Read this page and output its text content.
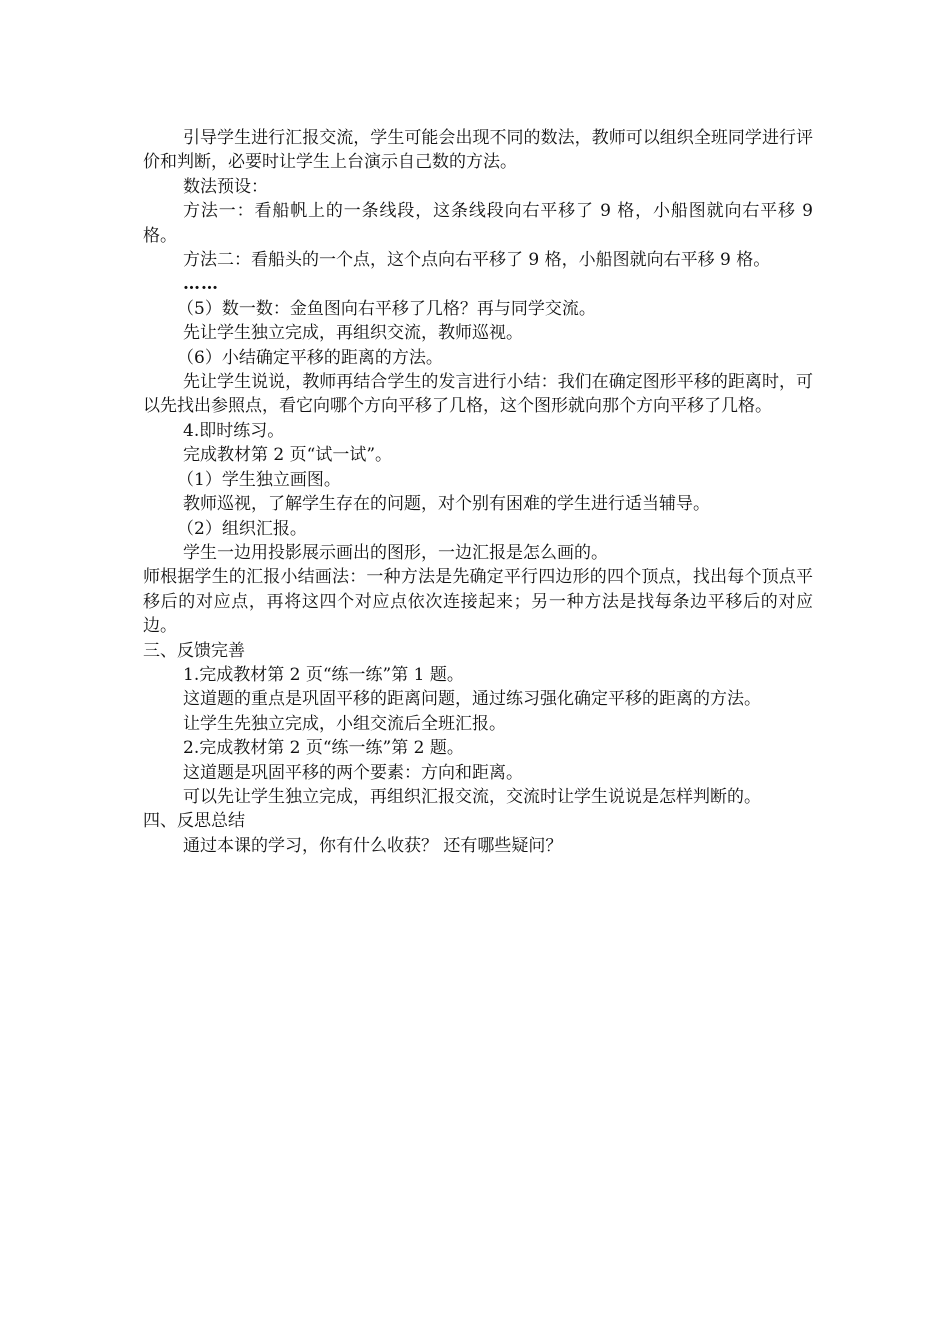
引导学生进行汇报交流，学生可能会出现不同的数法，教师可以组织全班同学进行评价和判断，必要时让学生上台演示自己数的方法。

数法预设：

方法一：看船帆上的一条线段，这条线段向右平移了 9 格，小船图就向右平移 9 格。

方法二：看船头的一个点，这个点向右平移了 9 格，小船图就向右平移 9 格。

……

（5）数一数：金鱼图向右平移了几格？再与同学交流。

先让学生独立完成，再组织交流，教师巡视。

（6）小结确定平移的距离的方法。

先让学生说说，教师再结合学生的发言进行小结：我们在确定图形平移的距离时，可以先找出参照点，看它向哪个方向平移了几格，这个图形就向那个方向平移了几格。

4.即时练习。

完成教材第 2 页“试一试”。

（1）学生独立画图。

教师巡视，了解学生存在的问题，对个别有困难的学生进行适当辅导。

（2）组织汇报。

学生一边用投影展示画出的图形，一边汇报是怎么画的。

师根据学生的汇报小结画法：一种方法是先确定平行四边形的四个顶点，找出每个顶点平移后的对应点，再将这四个对应点依次连接起来；另一种方法是找每条边平移后的对应边。

三、反馈完善

1.完成教材第 2 页“练一练”第 1 题。

这道题的重点是巩固平移的距离问题，通过练习强化确定平移的距离的方法。

让学生先独立完成，小组交流后全班汇报。

2.完成教材第 2 页“练一练”第 2 题。

这道题是巩固平移的两个要素：方向和距离。

可以先让学生独立完成，再组织汇报交流，交流时让学生说说是怎样判断的。

四、反思总结

通过本课的学习，你有什么收获？ 还有哪些疑问？
